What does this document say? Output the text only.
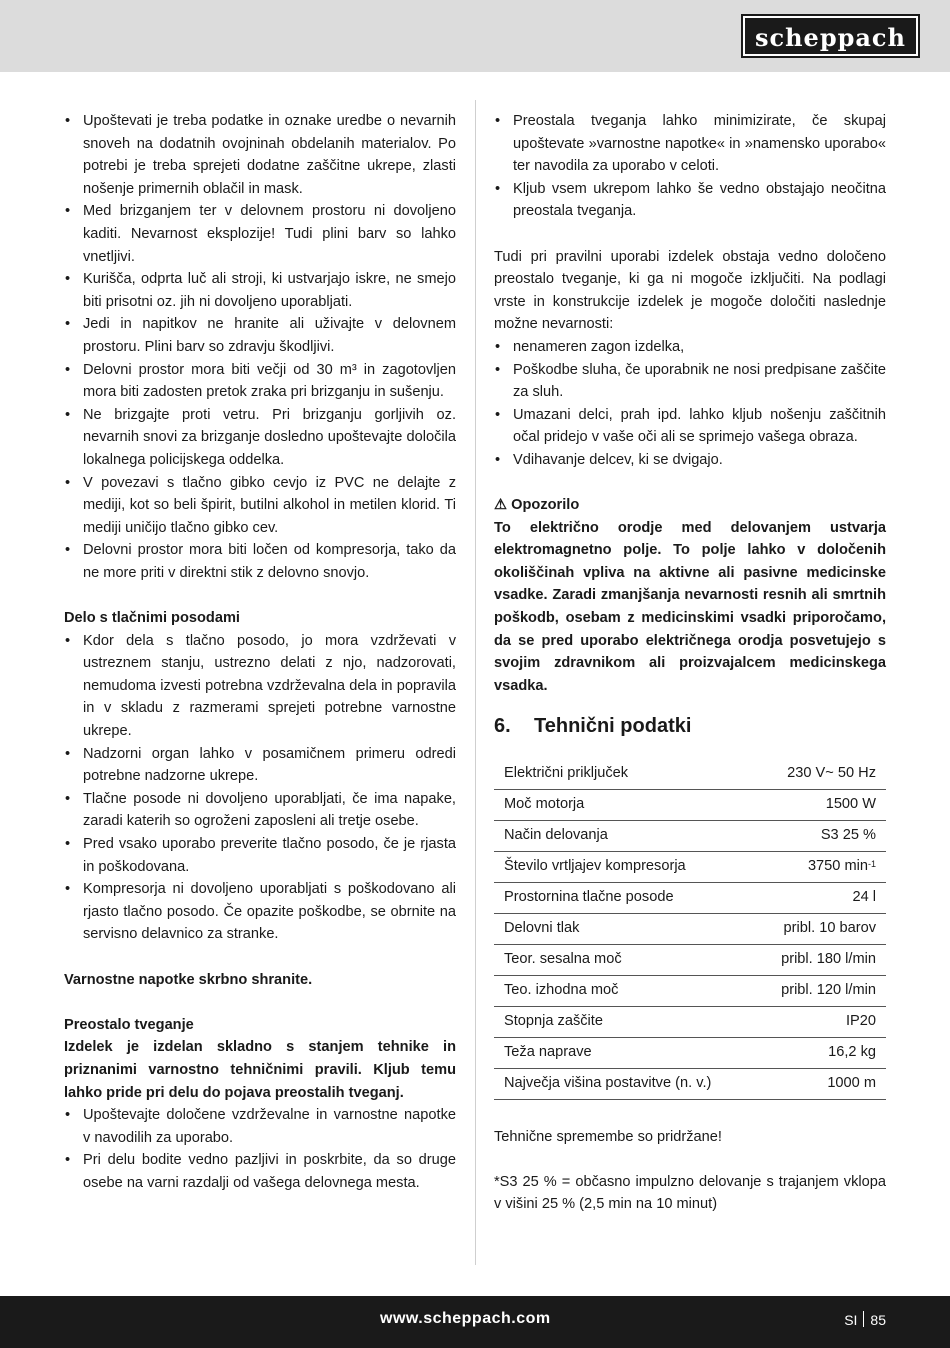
scheppach
• Upoštevati je treba podatke in oznake uredbe o nevarnih snoveh na dodatnih ovojninah obdelanih materialov. Po potrebi je treba sprejeti dodatne zaščitne ukrepe, zlasti nošenje primernih oblačil in mask.
• Med brizganjem ter v delovnem prostoru ni dovoljeno kaditi. Nevarnost eksplozije! Tudi plini barv so lahko vnetljivi.
• Kurišča, odprta luč ali stroji, ki ustvarjajo iskre, ne smejo biti prisotni oz. jih ni dovoljeno uporabljati.
• Jedi in napitkov ne hranite ali uživajte v delovnem prostoru. Plini barv so zdravju škodljivi.
• Delovni prostor mora biti večji od 30 m³ in zagotovljen mora biti zadosten pretok zraka pri brizganju in sušenju.
• Ne brizgajte proti vetru. Pri brizganju gorljivih oz. nevarnih snovi za brizganje dosledno upoštevajte določila lokalnega policijskega oddelka.
• V povezavi s tlačno gibko cevjo iz PVC ne delajte z mediji, kot so beli špirit, butilni alkohol in metilen klorid. Ti mediji uničijo tlačno gibko cev.
• Delovni prostor mora biti ločen od kompresorja, tako da ne more priti v direktni stik z delovno snovjo.
Delo s tlačnimi posodami
• Kdor dela s tlačno posodo, jo mora vzdrževati v ustreznem stanju, ustrezno delati z njo, nadzorovati, nemudoma izvesti potrebna vzdrževalna dela in popravila in v skladu z razmerami sprejeti potrebne varnostne ukrepe.
• Nadzorni organ lahko v posamičnem primeru odredi potrebne nadzorne ukrepe.
• Tlačne posode ni dovoljeno uporabljati, če ima napake, zaradi katerih so ogroženi zaposleni ali tretje osebe.
• Pred vsako uporabo preverite tlačno posodo, če je rjasta in poškodovana.
• Kompresorja ni dovoljeno uporabljati s poškodovano ali rjasto tlačno posodo. Če opazite poškodbe, se obrnite na servisno delavnico za stranke.
Varnostne napotke skrbno shranite.
Preostalo tveganje

Izdelek je izdelan skladno s stanjem tehnike in priznanimi varnostno tehničnimi pravili. Kljub temu lahko pride pri delu do pojava preostalih tveganj.

• Upoštevajte določene vzdrževalne in varnostne napotke v navodilih za uporabo.
• Pri delu bodite vedno pazljivi in poskrbite, da so druge osebe na varni razdalji od vašega delovnega mesta.
• Preostala tveganja lahko minimizirate, če skupaj upoštevate »varnostne napotke« in »namensko uporabo« ter navodila za uporabo v celoti.
• Kljub vsem ukrepom lahko še vedno obstajajo neočitna preostala tveganja.

Tudi pri pravilni uporabi izdelek obstaja vedno določeno preostalo tveganje, ki ga ni mogoče izključiti. Na podlagi vrste in konstrukcije izdelek je mogoče določiti naslednje možne nevarnosti:

• nenameren zagon izdelka,
• Poškodbe sluha, če uporabnik ne nosi predpisane zaščite za sluh.
• Umazani delci, prah ipd. lahko kljub nošenju zaščitnih očal pridejo v vaše oči ali se sprimejo vašega obraza.
• Vdihavanje delcev, ki se dvigajo.
⚠ Opozorilo

To električno orodje med delovanjem ustvarja elektromagnetno polje. To polje lahko v določenih okoliščinah vpliva na aktivne ali pasivne medicinske vsadke. Zaradi zmanjšanja nevarnosti resnih ali smrtnih poškodb, osebam z medicinskimi vsadki priporočamo, da se pred uporabo električnega orodja posvetujejo s svojim zdravnikom ali proizvajalcem medicinskega vsadka.

6.	Tehnični podatki
Električni priključek	230 V~ 50 Hz
Moč motorja	1500 W
Način delovanja	S3 25 %
Število vrtljajev kompresorja	3750 $\min^{-1}$
Prostornina tlačne posode	24 l
Delovni tlak	pribl. 10 barov
Teor. sesalna moč	pribl. 180 l/min
Teo. izhodna moč	pribl. 120 l/min
Stopnja zaščite	IP20
Teža naprave	16,2 kg
Največja višina postavitve (n. v.)	1000 m

Tehnične spremembe so pridržane!

*S3 25 % = občasno impulzno delovanje s trajanjem vklopa v višini 25 % (2,5 min na 10 minut)

www.scheppach.com	SI 85
